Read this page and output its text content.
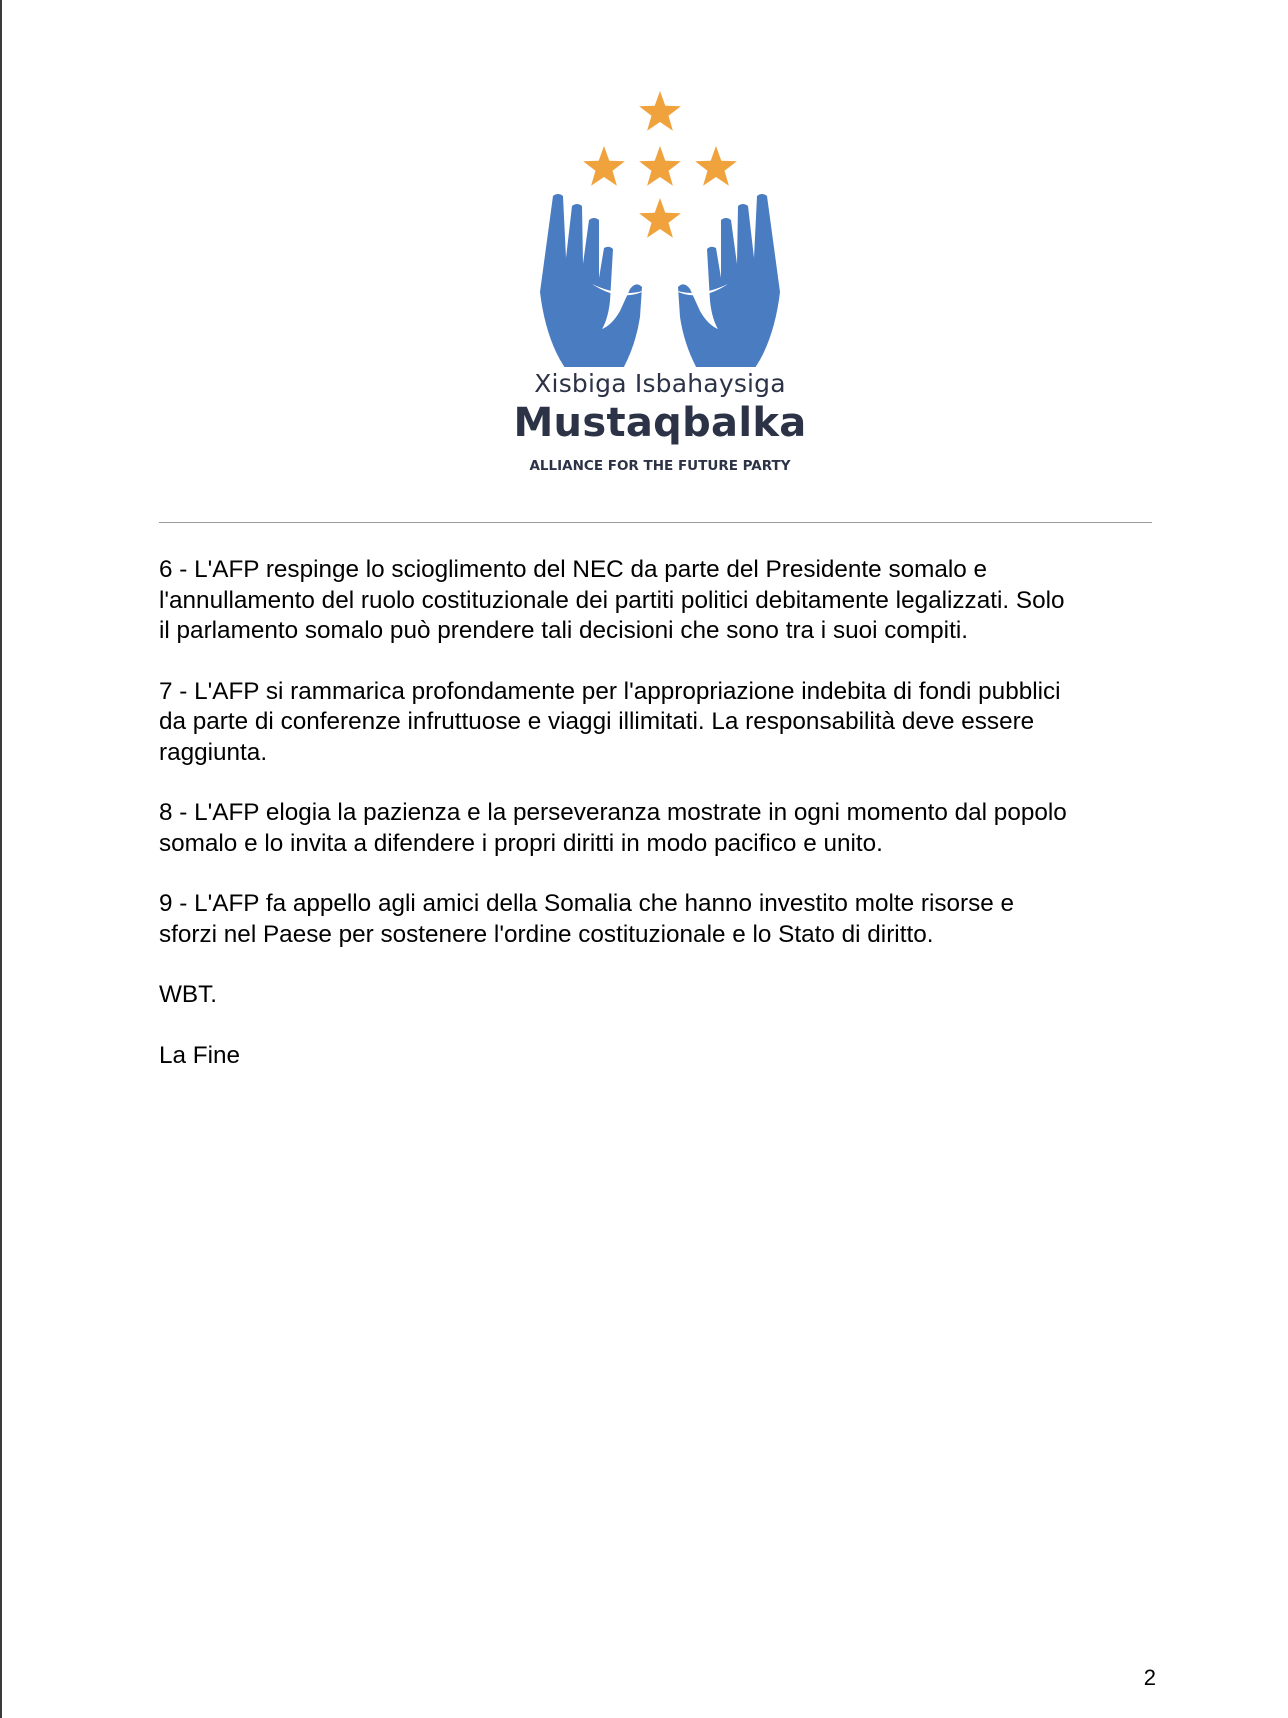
Xisbiga Isbahaysiga
Mustaqbalka
ALLIANCE FOR THE FUTURE PARTY

6 - L'AFP respinge lo scioglimento del NEC da parte del Presidente somalo e
l'annullamento del ruolo costituzionale dei partiti politici debitamente legalizzati. Solo
il parlamento somalo può prendere tali decisioni che sono tra i suoi compiti.

7 - L'AFP si rammarica profondamente per l'appropriazione indebita di fondi pubblici
da parte di conferenze infruttuose e viaggi illimitati. La responsabilità deve essere
raggiunta.

8 - L'AFP elogia la pazienza e la perseveranza mostrate in ogni momento dal popolo
somalo e lo invita a difendere i propri diritti in modo pacifico e unito.

9 - L'AFP fa appello agli amici della Somalia che hanno investito molte risorse e
sforzi nel Paese per sostenere l'ordine costituzionale e lo Stato di diritto.

WBT.

La Fine

2
